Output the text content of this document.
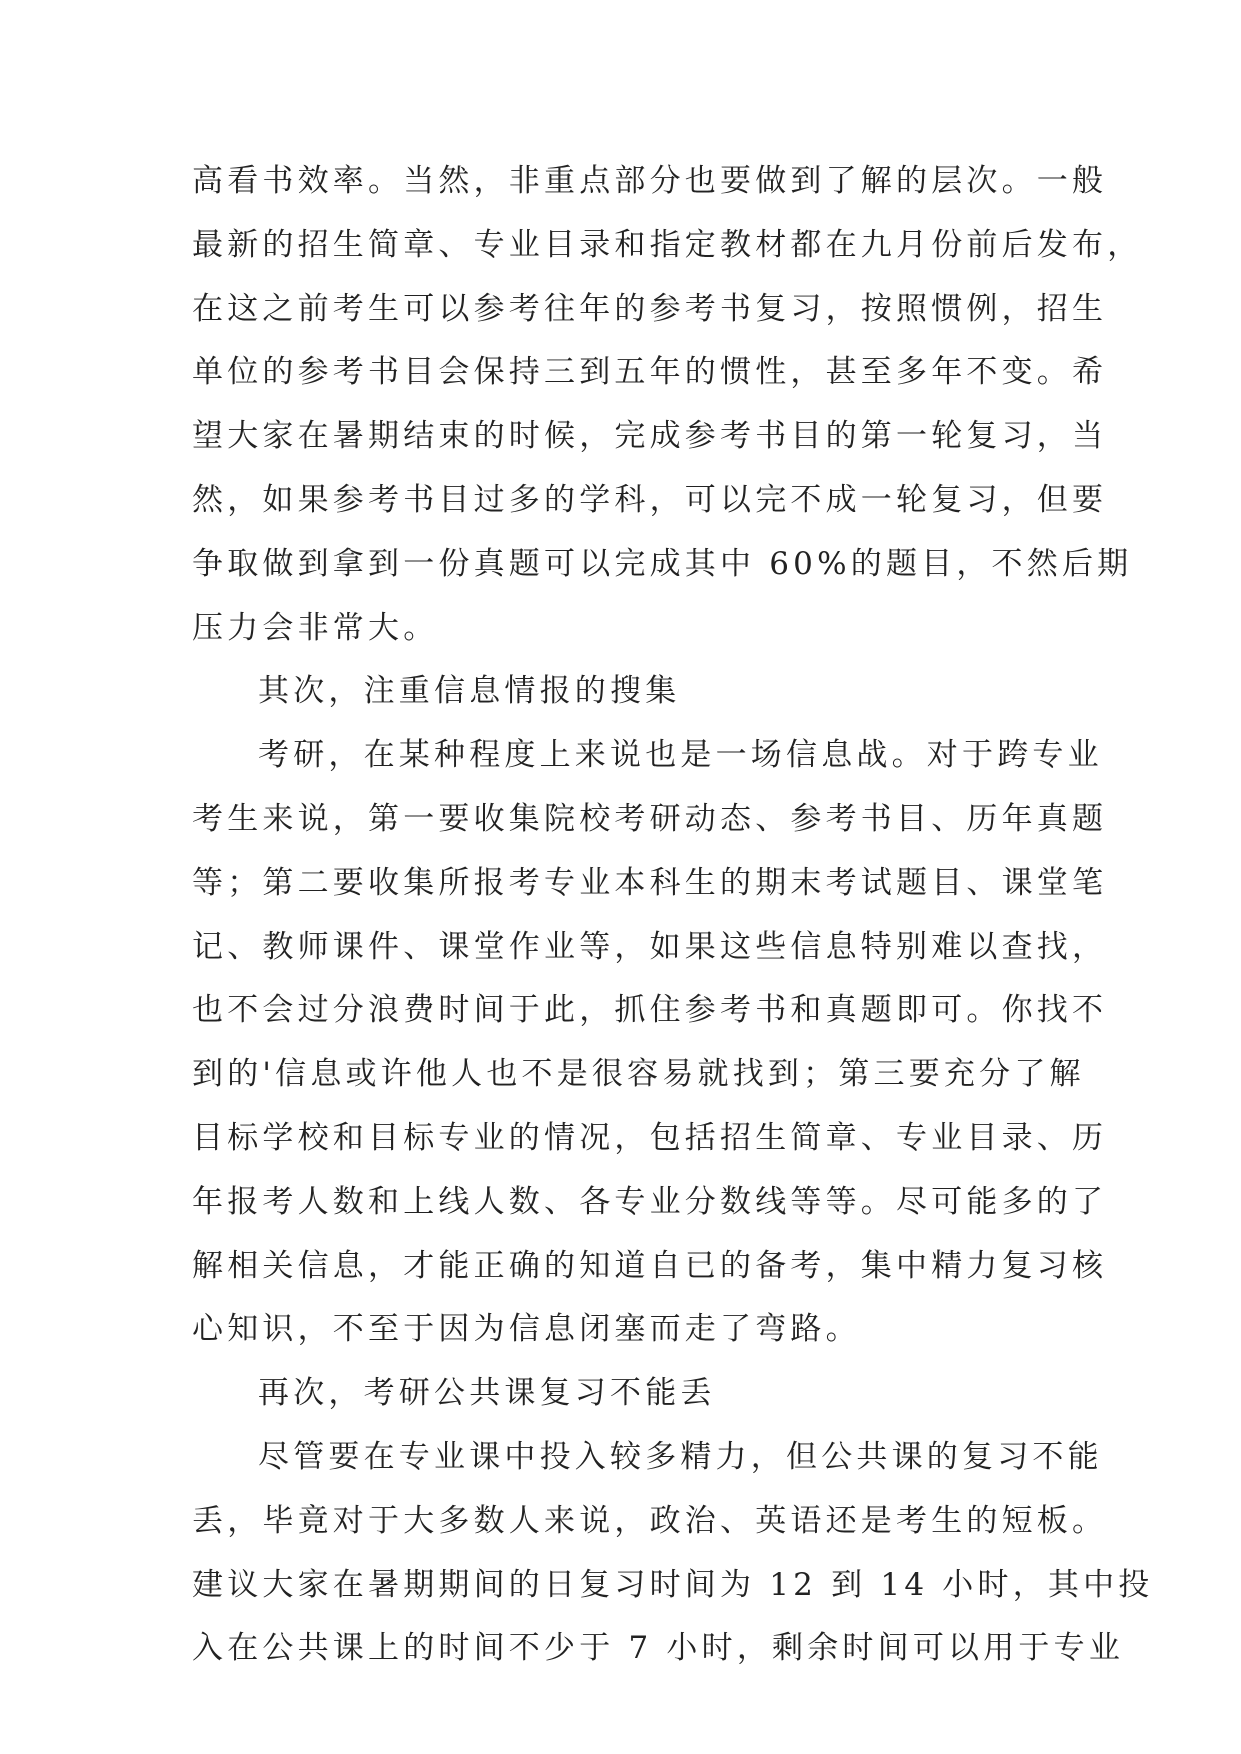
高看书效率。当然，非重点部分也要做到了解的层次。一般
最新的招生简章、专业目录和指定教材都在九月份前后发布，
在这之前考生可以参考往年的参考书复习，按照惯例，招生
单位的参考书目会保持三到五年的惯性，甚至多年不变。希
望大家在暑期结束的时候，完成参考书目的第一轮复习，当
然，如果参考书目过多的学科，可以完不成一轮复习，但要
争取做到拿到一份真题可以完成其中 60%的题目，不然后期
压力会非常大。
其次，注重信息情报的搜集
考研，在某种程度上来说也是一场信息战。对于跨专业
考生来说，第一要收集院校考研动态、参考书目、历年真题
等；第二要收集所报考专业本科生的期末考试题目、课堂笔
记、教师课件、课堂作业等，如果这些信息特别难以查找，
也不会过分浪费时间于此，抓住参考书和真题即可。你找不
到的'信息或许他人也不是很容易就找到；第三要充分了解
目标学校和目标专业的情况，包括招生简章、专业目录、历
年报考人数和上线人数、各专业分数线等等。尽可能多的了
解相关信息，才能正确的知道自已的备考，集中精力复习核
心知识，不至于因为信息闭塞而走了弯路。
再次，考研公共课复习不能丢
尽管要在专业课中投入较多精力，但公共课的复习不能
丢，毕竟对于大多数人来说，政治、英语还是考生的短板。
建议大家在暑期期间的日复习时间为 12 到 14 小时，其中投
入在公共课上的时间不少于 7 小时，剩余时间可以用于专业
